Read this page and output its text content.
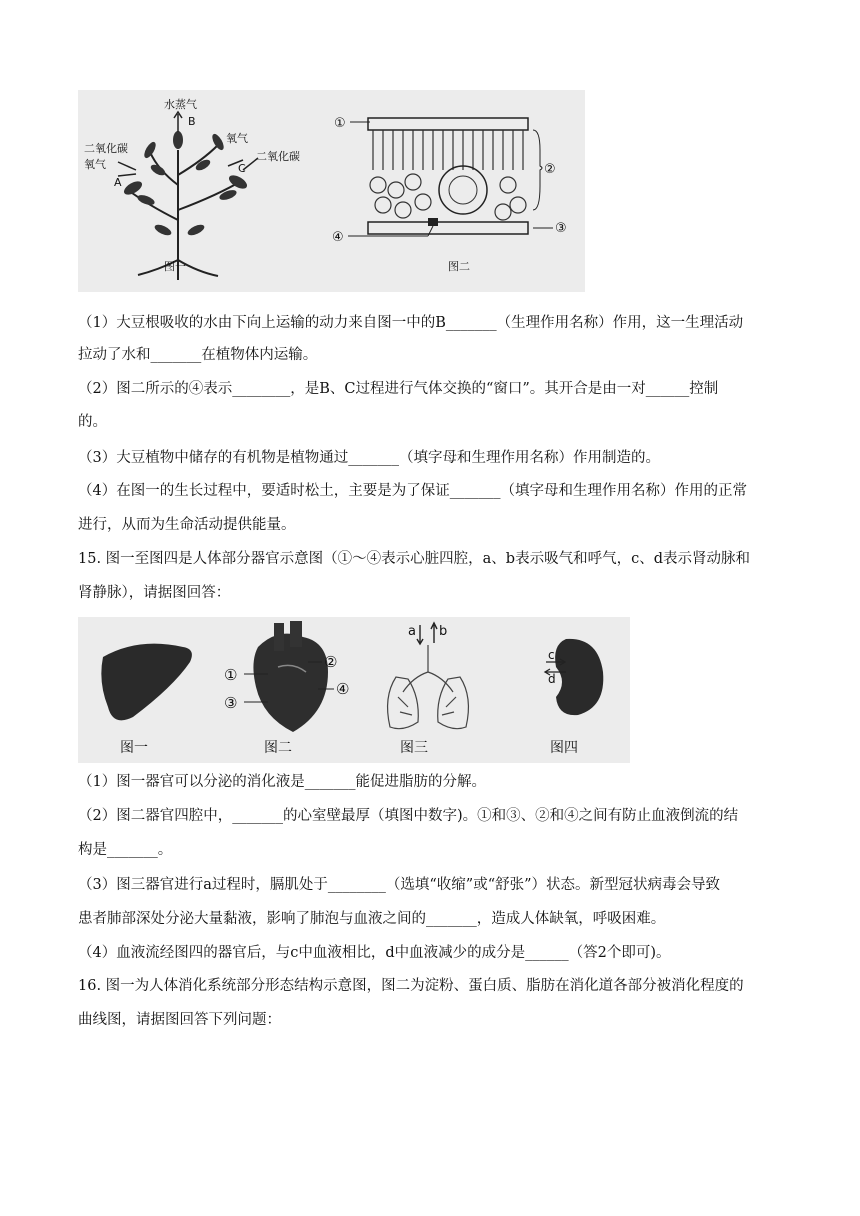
水蒸气
B
二氧化碳
氧气
A
氧气
C
二氧化碳
图一
①
②
③
④
图二
（1）大豆根吸收的水由下向上运输的动力来自图一中的B_______（生理作用名称）作用，这一生理活动
拉动了水和_______在植物体内运输。
（2）图二所示的④表示________，是B、C过程进行气体交换的“窗口”。其开合是由一对______控制
的。
（3）大豆植物中储存的有机物是植物通过_______（填字母和生理作用名称）作用制造的。
（4）在图一的生长过程中，要适时松土，主要是为了保证_______（填字母和生理作用名称）作用的正常
进行，从而为生命活动提供能量。
15. 图一至图四是人体部分器官示意图（①～④表示心脏四腔，a、b表示吸气和呼气，c、d表示肾动脉和
肾静脉），请据图回答：
①
③
②
④
a b
c
d
图一	图二	图三	图四
（1）图一器官可以分泌的消化液是_______能促进脂肪的分解。
（2）图二器官四腔中，_______的心室壁最厚（填图中数字)。①和③、②和④之间有防止血液倒流的结
构是_______。
（3）图三器官进行a过程时，膈肌处于________（选填“收缩”或“舒张”）状态。新型冠状病毒会导致
患者肺部深处分泌大量黏液，影响了肺泡与血液之间的_______，造成人体缺氧，呼吸困难。
（4）血液流经图四的器官后，与c中血液相比，d中血液减少的成分是______（答2个即可)。
16. 图一为人体消化系统部分形态结构示意图，图二为淀粉、蛋白质、脂肪在消化道各部分被消化程度的
曲线图，请据图回答下列问题：
